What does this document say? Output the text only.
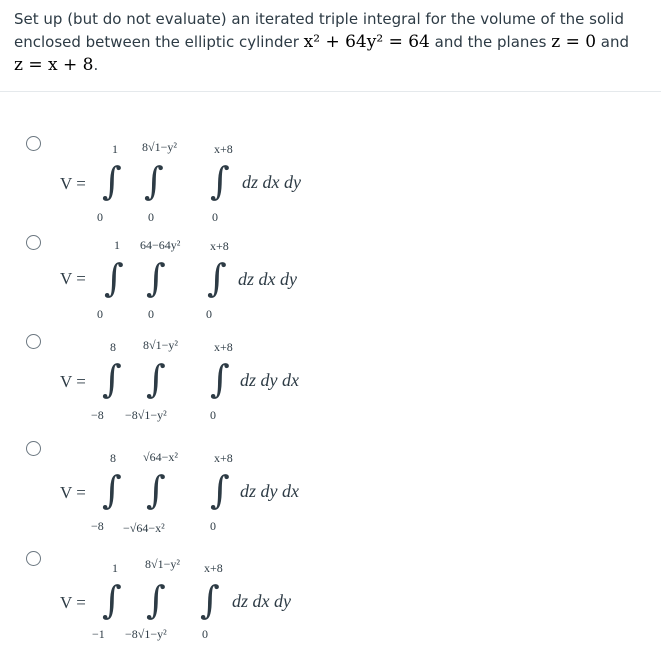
Set up (but do not evaluate) an iterated triple integral for the volume of the solid enclosed between the elliptic cylinder x² + 64y² = 64 and the planes z = 0 and
z = x + 8.
V =
1
∫
0
8√1−y²
∫
0
x+8
∫
0
dz dx dy
V =
1
∫
0
64−64y²
∫
0
x+8
∫
0
dz dx dy
V =
8
∫
−8
8√1−y²
∫
−8√1−y²
x+8
∫
0
dz dy dx
V =
8
∫
−8
√64−x²
∫
−√64−x²
x+8
∫
0
dz dy dx
V =
1
∫
−1
8√1−y²
∫
−8√1−y²
x+8
∫
0
dz dx dy
